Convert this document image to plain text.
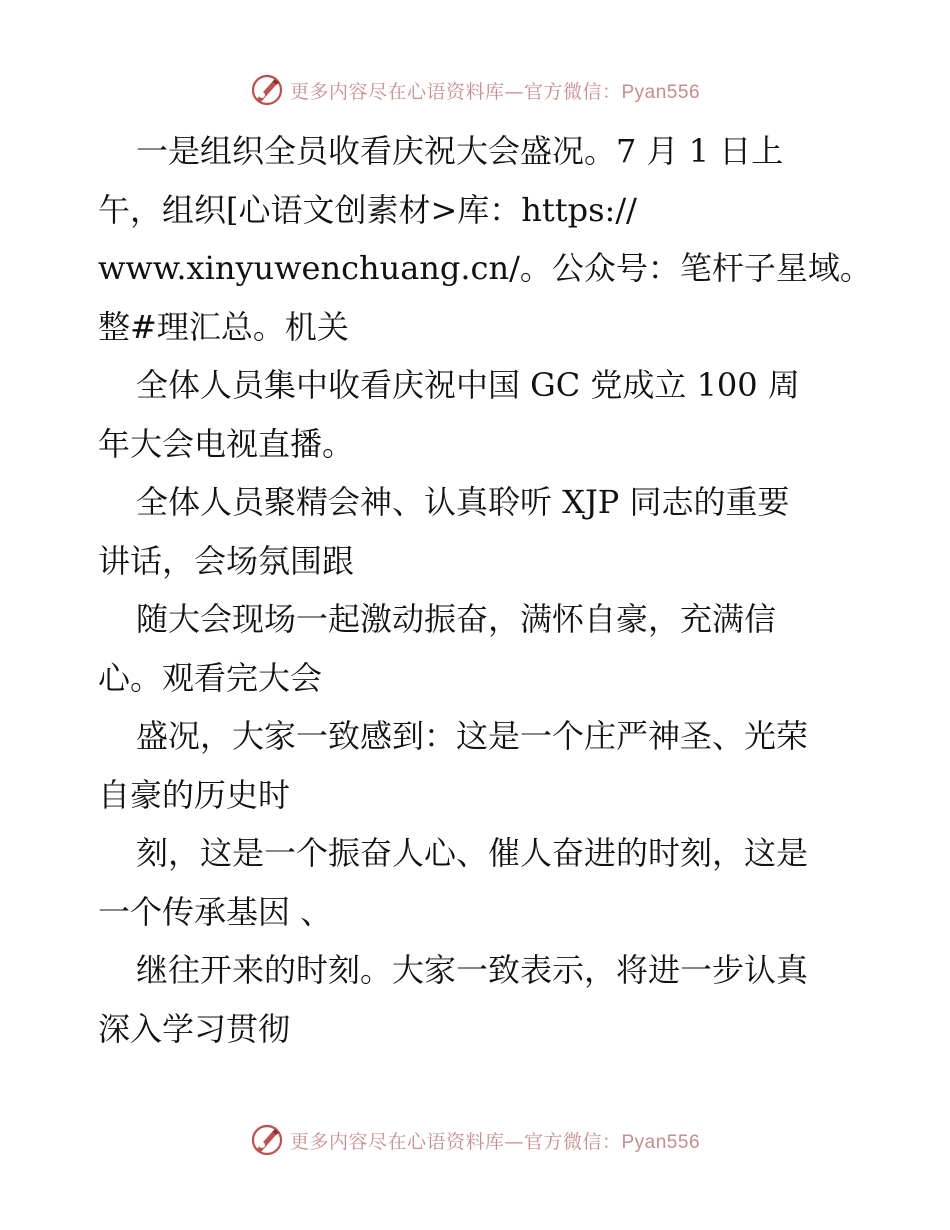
更多内容尽在心语资料库—官方微信：Pyan556
一是组织全员收看庆祝大会盛况。7 月 1 日上
午，组织[心语文创素材>库：https://
www.xinyuwenchuang.cn/。公众号：笔杆子星域。
整#理汇总。机关
全体人员集中收看庆祝中国 GC 党成立 100 周
年大会电视直播。
全体人员聚精会神、认真聆听 XJP 同志的重要
讲话，会场氛围跟
随大会现场一起激动振奋，满怀自豪，充满信
心。观看完大会
盛况，大家一致感到：这是一个庄严神圣、光荣
自豪的历史时
刻，这是一个振奋人心、催人奋进的时刻，这是
一个传承基因 、
继往开来的时刻。大家一致表示，将进一步认真
深入学习贯彻
更多内容尽在心语资料库—官方微信：Pyan556
